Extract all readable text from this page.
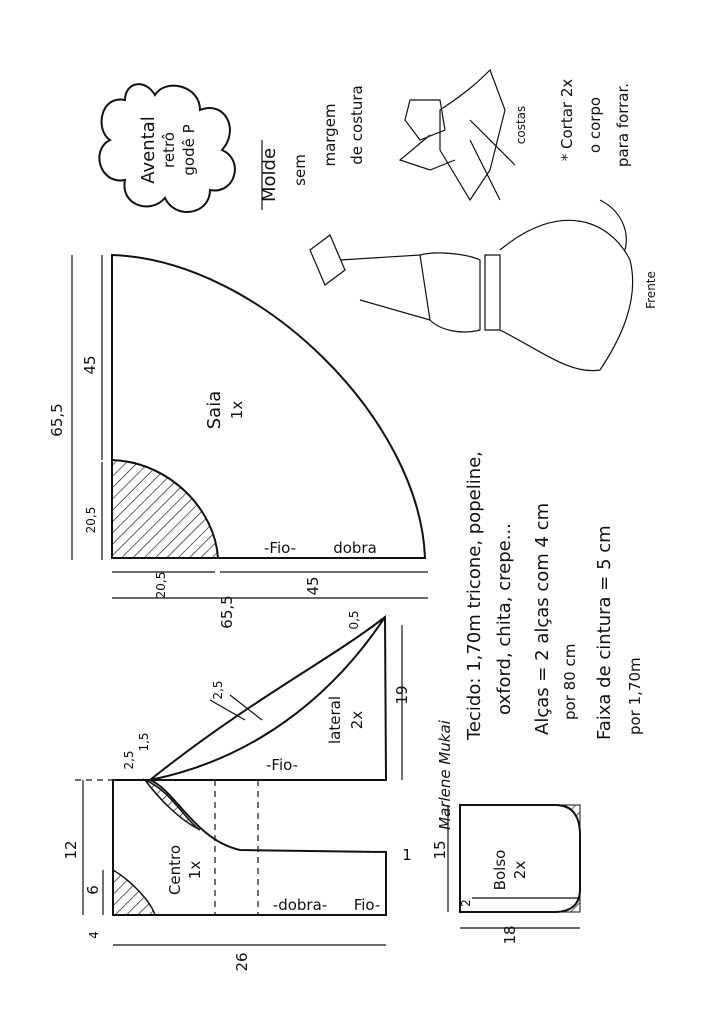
Avental retrô godê P	Molde sem
margem de costura	costas
Frente
* Cortar 2x o corpo para forrar.
Saia 1x
-Fio- dobra
65,5
45
20,5
20,5	45
65,5
lateral 2x
-Fio-
19
0,5
2,5
2,5
1,5
Centro 1x
-dobra- Fio-
1
12
6
4
26
Bolso 2x
15
2
18
Tecido: 1,70m tricone, popeline, oxford, chita, crepe... Alças = 2 alças com 4 cm por 80 cm Faixa de cintura = 5 cm por 1,70m
Marlene Mukai
